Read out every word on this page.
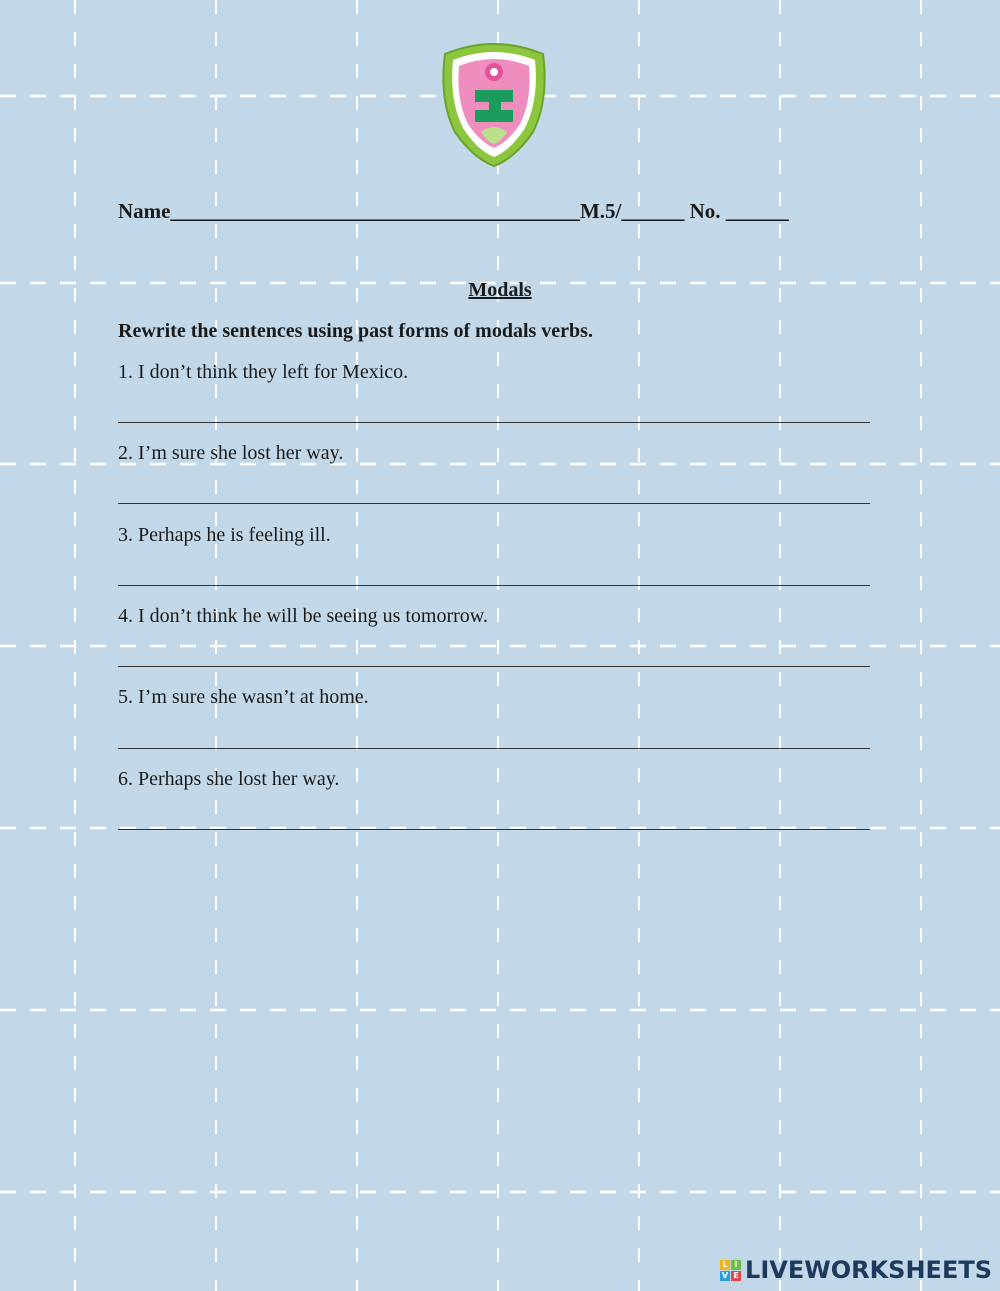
Name_______________________________________M.5/______ No. ______
Modals
Rewrite the sentences using past forms of modals verbs.
1. I don’t think they left for Mexico.
2. I’m sure she lost her way.
3. Perhaps he is feeling ill.
4. I don’t think he will be seeing us tomorrow.
5. I’m sure she wasn’t at home.
6. Perhaps she lost her way.
L I
V E LIVEWORKSHEETS
